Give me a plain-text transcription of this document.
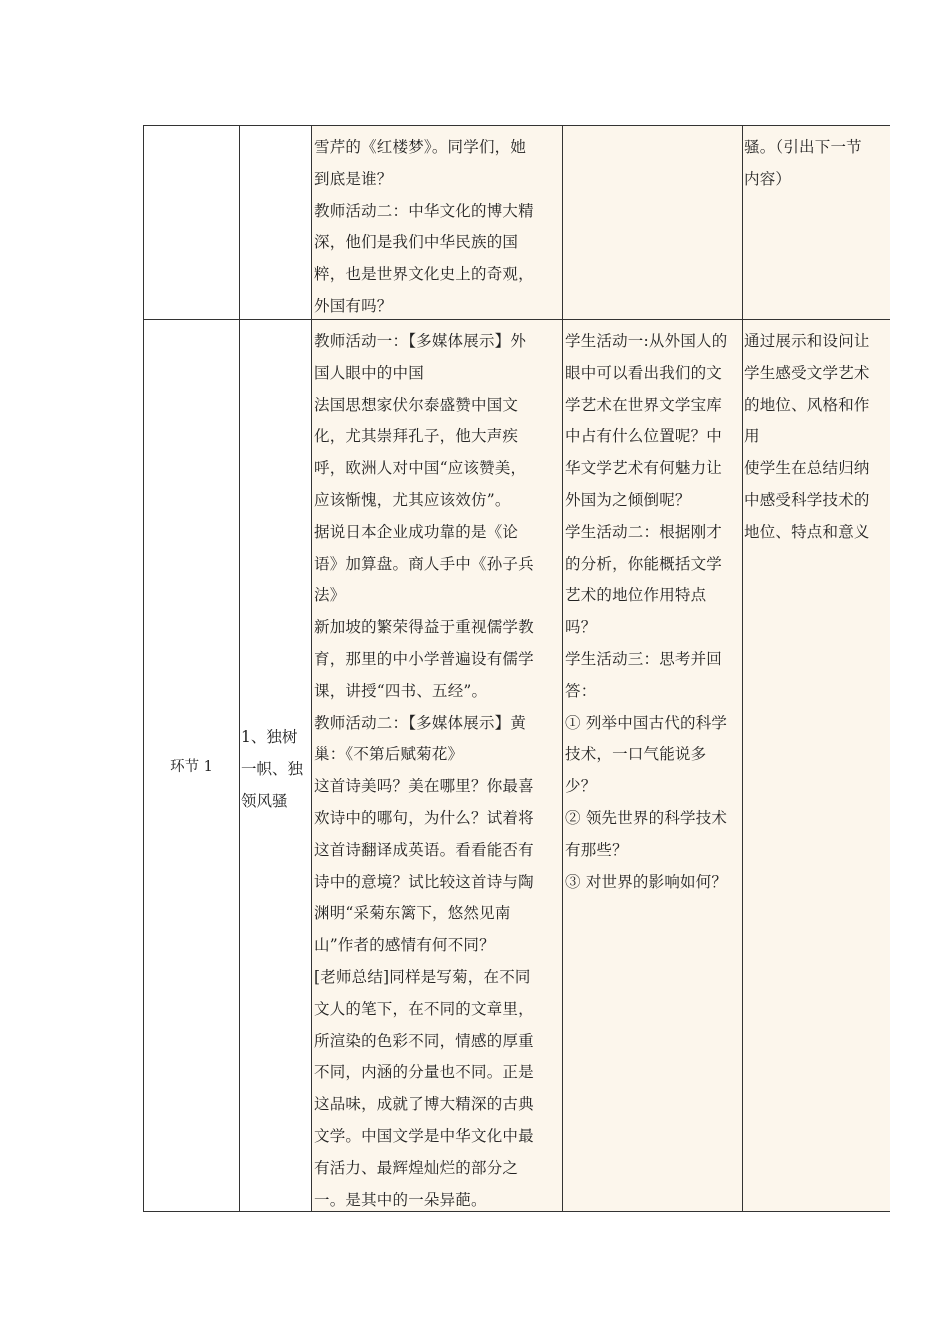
雪芹的《红楼梦》。同学们，她
到底是谁？
教师活动二：中华文化的博大精
深，他们是我们中华民族的国
粹，也是世界文化史上的奇观，
外国有吗？
骚。（引出下一节
内容）
环节 1
1、独树
一帜、独
领风骚
教师活动一：【多媒体展示】外
国人眼中的中国
法国思想家伏尔泰盛赞中国文
化，尤其崇拜孔子，他大声疾
呼，欧洲人对中国“应该赞美，
应该惭愧，尤其应该效仿”。
据说日本企业成功靠的是《论
语》加算盘。商人手中《孙子兵
法》
新加坡的繁荣得益于重视儒学教
育，那里的中小学普遍设有儒学
课，讲授“四书、五经”。
教师活动二：【多媒体展示】黄
巢：《不第后赋菊花》
这首诗美吗？美在哪里？你最喜
欢诗中的哪句，为什么？试着将
这首诗翻译成英语。看看能否有
诗中的意境？试比较这首诗与陶
渊明“采菊东篱下，悠然见南
山”作者的感情有何不同？
[老师总结]同样是写菊，在不同
文人的笔下，在不同的文章里，
所渲染的色彩不同，情感的厚重
不同，内涵的分量也不同。正是
这品味，成就了博大精深的古典
文学。中国文学是中华文化中最
有活力、最辉煌灿烂的部分之
一。是其中的一朵异葩。
学生活动一:从外国人的
眼中可以看出我们的文
学艺术在世界文学宝库
中占有什么位置呢？中
华文学艺术有何魅力让
外国为之倾倒呢？
学生活动二：根据刚才
的分析，你能概括文学
艺术的地位作用特点
吗？
学生活动三：思考并回
答：
① 列举中国古代的科学
技术，一口气能说多
少？
② 领先世界的科学技术
有那些？
③ 对世界的影响如何？
通过展示和设问让
学生感受文学艺术
的地位、风格和作
用
使学生在总结归纳
中感受科学技术的
地位、特点和意义
